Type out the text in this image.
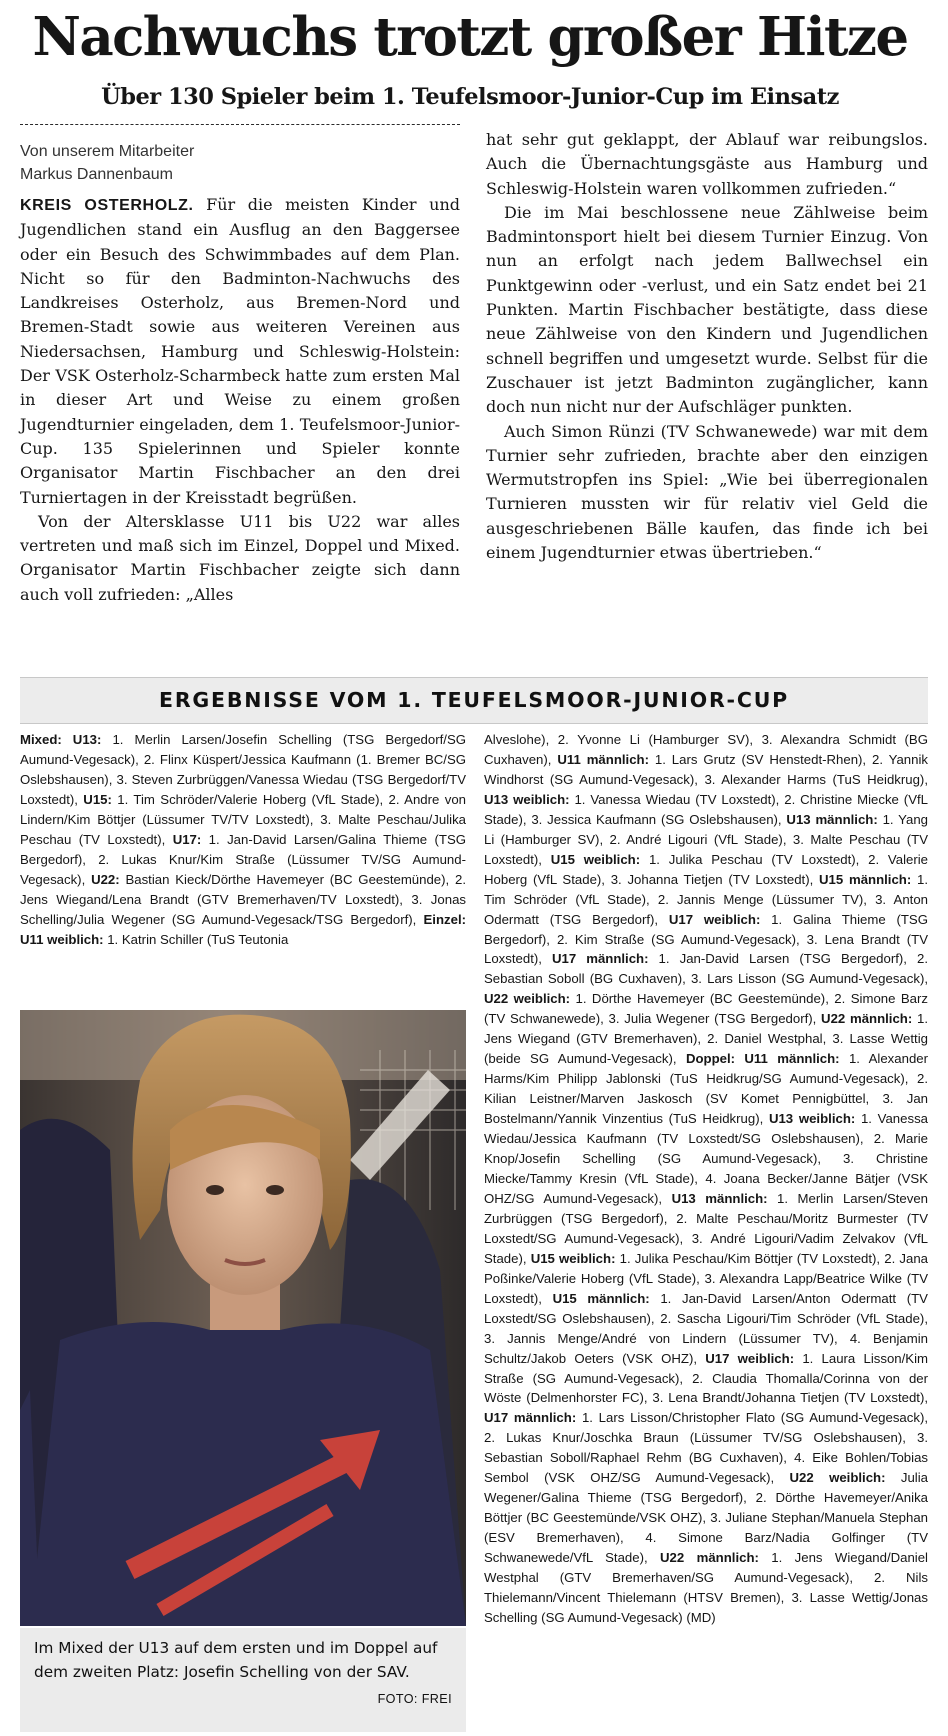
Nachwuchs trotzt großer Hitze
Über 130 Spieler beim 1. Teufelsmoor-Junior-Cup im Einsatz
Von unserem Mitarbeiter
Markus Dannenbaum

KREIS OSTERHOLZ. Für die meisten Kinder und Jugendlichen stand ein Ausflug an den Baggersee oder ein Besuch des Schwimmbades auf dem Plan. Nicht so für den Badminton-Nachwuchs des Landkreises Osterholz, aus Bremen-Nord und Bremen-Stadt sowie aus weiteren Vereinen aus Niedersachsen, Hamburg und Schleswig-Holstein: Der VSK Osterholz-Scharmbeck hatte zum ersten Mal in dieser Art und Weise zu einem großen Jugendturnier eingeladen, dem 1. Teufelsmoor-Junior-Cup. 135 Spielerinnen und Spieler konnte Organisator Martin Fischbacher an den drei Turniertagen in der Kreisstadt begrüßen.

Von der Altersklasse U11 bis U22 war alles vertreten und maß sich im Einzel, Doppel und Mixed. Organisator Martin Fischbacher zeigte sich dann auch voll zufrieden: „Alles

hat sehr gut geklappt, der Ablauf war reibungslos. Auch die Übernachtungsgäste aus Hamburg und Schleswig-Holstein waren vollkommen zufrieden.“

Die im Mai beschlossene neue Zählweise beim Badmintonsport hielt bei diesem Turnier Einzug. Von nun an erfolgt nach jedem Ballwechsel ein Punktgewinn oder -verlust, und ein Satz endet bei 21 Punkten. Martin Fischbacher bestätigte, dass diese neue Zählweise von den Kindern und Jugendlichen schnell begriffen und umgesetzt wurde. Selbst für die Zuschauer ist jetzt Badminton zugänglicher, kann doch nun nicht nur der Aufschläger punkten.

Auch Simon Rünzi (TV Schwanewede) war mit dem Turnier sehr zufrieden, brachte aber den einzigen Wermutstropfen ins Spiel: „Wie bei überregionalen Turnieren mussten wir für relativ viel Geld die ausgeschriebenen Bälle kaufen, das finde ich bei einem Jugendturnier etwas übertrieben.“

ERGEBNISSE VOM 1. TEUFELSMOOR-JUNIOR-CUP

Mixed: U13: 1. Merlin Larsen/Josefin Schelling (TSG Bergedorf/SG Aumund-Vegesack), 2. Flinx Küspert/Jessica Kaufmann (1. Bremer BC/SG Oslebshausen), 3. Steven Zurbrüggen/Vanessa Wiedau (TSG Bergedorf/TV Loxstedt), U15: 1. Tim Schröder/Valerie Hoberg (VfL Stade), 2. Andre von Lindern/Kim Böttjer (Lüssumer TV/TV Loxstedt), 3. Malte Peschau/Julika Peschau (TV Loxstedt), U17: 1. Jan-David Larsen/Galina Thieme (TSG Bergedorf), 2. Lukas Knur/Kim Straße (Lüssumer TV/SG Aumund-Vegesack), U22: Bastian Kieck/Dörthe Havemeyer (BC Geestemünde), 2. Jens Wiegand/Lena Brandt (GTV Bremerhaven/TV Loxstedt), 3. Jonas Schelling/Julia Wegener (SG Aumund-Vegesack/TSG Bergedorf), Einzel: U11 weiblich: 1. Katrin Schiller (TuS Teutonia

Im Mixed der U13 auf dem ersten und im Doppel auf dem zweiten Platz: Josefin Schelling von der SAV.
FOTO: FREI

Alveslohe), 2. Yvonne Li (Hamburger SV), 3. Alexandra Schmidt (BG Cuxhaven), U11 männlich: 1. Lars Grutz (SV Henstedt-Rhen), 2. Yannik Windhorst (SG Aumund-Vegesack), 3. Alexander Harms (TuS Heidkrug), U13 weiblich: 1. Vanessa Wiedau (TV Loxstedt), 2. Christine Miecke (VfL Stade), 3. Jessica Kaufmann (SG Oslebshausen), U13 männlich: 1. Yang Li (Hamburger SV), 2. André Ligouri (VfL Stade), 3. Malte Peschau (TV Loxstedt), U15 weiblich: 1. Julika Peschau (TV Loxstedt), 2. Valerie Hoberg (VfL Stade), 3. Johanna Tietjen (TV Loxstedt), U15 männlich: 1. Tim Schröder (VfL Stade), 2. Jannis Menge (Lüssumer TV), 3. Anton Odermatt (TSG Bergedorf), U17 weiblich: 1. Galina Thieme (TSG Bergedorf), 2. Kim Straße (SG Aumund-Vegesack), 3. Lena Brandt (TV Loxstedt), U17 männlich: 1. Jan-David Larsen (TSG Bergedorf), 2. Sebastian Soboll (BG Cuxhaven), 3. Lars Lisson (SG Aumund-Vegesack), U22 weiblich: 1. Dörthe Havemeyer (BC Geestemünde), 2. Simone Barz (TV Schwanewede), 3. Julia Wegener (TSG Bergedorf), U22 männlich: 1. Jens Wiegand (GTV Bremerhaven), 2. Daniel Westphal, 3. Lasse Wettig (beide SG Aumund-Vegesack), Doppel: U11 männlich: 1. Alexander Harms/Kim Philipp Jablonski (TuS Heidkrug/SG Aumund-Vegesack), 2. Kilian Leistner/Marven Jaskosch (SV Komet Pennigbüttel, 3. Jan Bostelmann/Yannik Vinzentius (TuS Heidkrug), U13 weiblich: 1. Vanessa Wiedau/Jessica Kaufmann (TV Loxstedt/SG Oslebshausen), 2. Marie Knop/Josefin Schelling (SG Aumund-Vegesack), 3. Christine Miecke/Tammy Kresin (VfL Stade), 4. Joana Becker/Janne Bätjer (VSK OHZ/SG Aumund-Vegesack), U13 männlich: 1. Merlin Larsen/Steven Zurbrüggen (TSG Bergedorf), 2. Malte Peschau/Moritz Burmester (TV Loxstedt/SG Aumund-Vegesack), 3. André Ligouri/Vadim Zelvakov (VfL Stade), U15 weiblich: 1. Julika Peschau/Kim Böttjer (TV Loxstedt), 2. Jana Poßinke/Valerie Hoberg (VfL Stade), 3. Alexandra Lapp/Beatrice Wilke (TV Loxstedt), U15 männlich: 1. Jan-David Larsen/Anton Odermatt (TV Loxstedt/SG Oslebshausen), 2. Sascha Ligouri/Tim Schröder (VfL Stade), 3. Jannis Menge/André von Lindern (Lüssumer TV), 4. Benjamin Schultz/Jakob Oeters (VSK OHZ), U17 weiblich: 1. Laura Lisson/Kim Straße (SG Aumund-Vegesack), 2. Claudia Thomalla/Corinna von der Wöste (Delmenhorster FC), 3. Lena Brandt/Johanna Tietjen (TV Loxstedt), U17 männlich: 1. Lars Lisson/Christopher Flato (SG Aumund-Vegesack), 2. Lukas Knur/Joschka Braun (Lüssumer TV/SG Oslebshausen), 3. Sebastian Soboll/Raphael Rehm (BG Cuxhaven), 4. Eike Bohlen/Tobias Sembol (VSK OHZ/SG Aumund-Vegesack), U22 weiblich: Julia Wegener/Galina Thieme (TSG Bergedorf), 2. Dörthe Havemeyer/Anika Böttjer (BC Geestemünde/VSK OHZ), 3. Juliane Stephan/Manuela Stephan (ESV Bremerhaven), 4. Simone Barz/Nadia Golfinger (TV Schwanewede/VfL Stade), U22 männlich: 1. Jens Wiegand/Daniel Westphal (GTV Bremerhaven/SG Aumund-Vegesack), 2. Nils Thielemann/Vincent Thielemann (HTSV Bremen), 3. Lasse Wettig/Jonas Schelling (SG Aumund-Vegesack) (MD)
